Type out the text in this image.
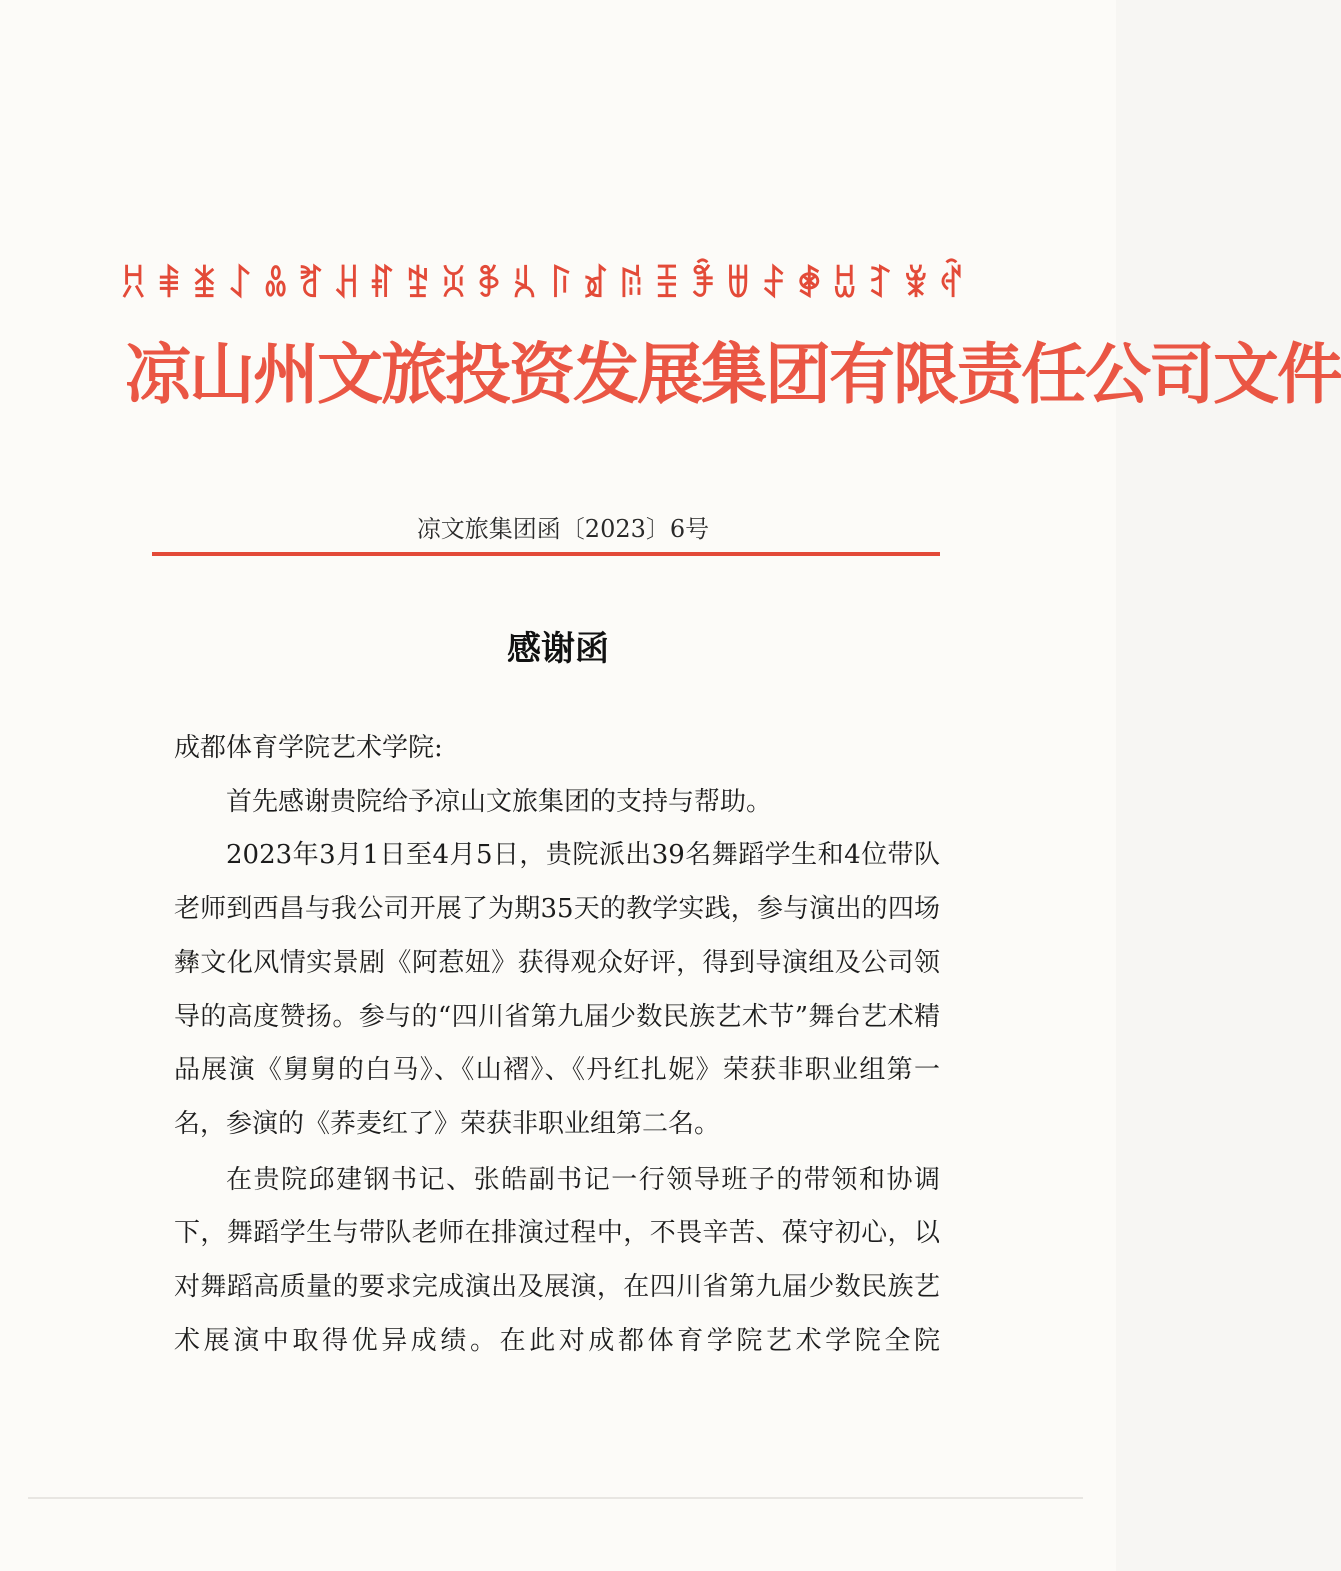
ꀡ ꑌ ꁧ ꋍ ꍘ ꐛ ꃅ ꐥ ꄹ ꐘ ꃆ ꈞ ꑍ ꀃ ꋓ ꀨ ꊇ ꁁ ꄐ ꑸ ꀠ ꆈ ꋹ ꏺ
凉山州文旅投资发展集团有限责任公司文件
凉文旅集团函〔2023〕6号
感谢函

成都体育学院艺术学院:

首先感谢贵院给予凉山文旅集团的支持与帮助。

2023年3月1日至4月5日，贵院派出39名舞蹈学生和4位带队老师到西昌与我公司开展了为期35天的教学实践，参与演出的四场彝文化风情实景剧《阿惹妞》获得观众好评，得到导演组及公司领导的高度赞扬。参与的“四川省第九届少数民族艺术节”舞台艺术精品展演《舅舅的白马》、《山褶》、《丹红扎妮》荣获非职业组第一名，参演的《荞麦红了》荣获非职业组第二名。

在贵院邱建钢书记、张皓副书记一行领导班子的带领和协调下，舞蹈学生与带队老师在排演过程中，不畏辛苦、葆守初心，以对舞蹈高质量的要求完成演出及展演，在四川省第九届少数民族艺术展演中取得优异成绩。在此对成都体育学院艺术学院全院
